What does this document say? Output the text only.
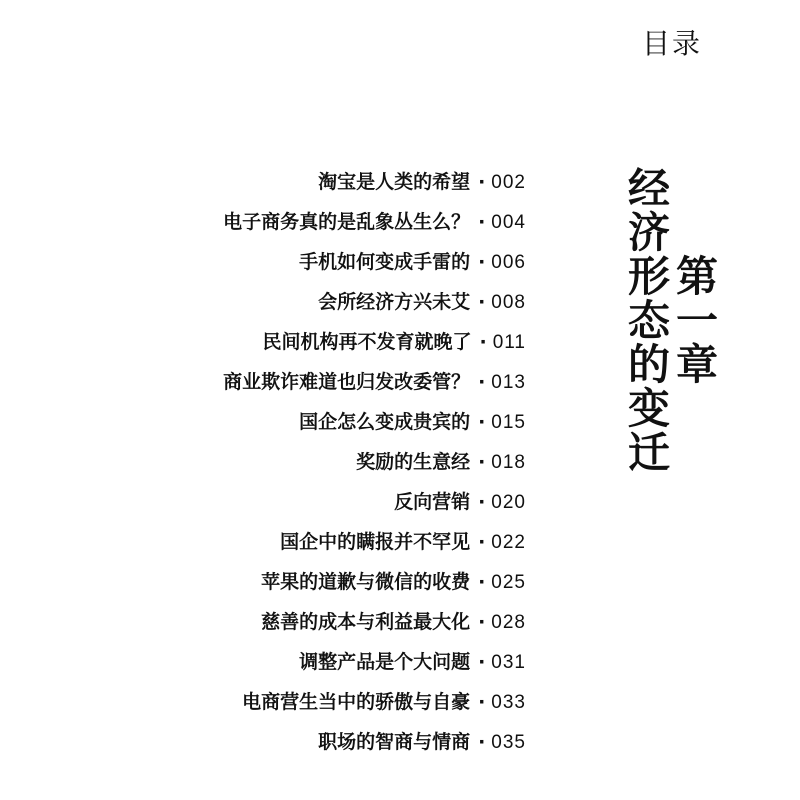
目录
淘宝是人类的希望 · 002
电子商务真的是乱象丛生么？ · 004
手机如何变成手雷的 · 006
会所经济方兴未艾 · 008
民间机构再不发育就晚了 · 011
商业欺诈难道也归发改委管？ · 013
国企怎么变成贵宾的 · 015
奖励的生意经 · 018
反向营销 · 020
国企中的瞒报并不罕见 · 022
苹果的道歉与微信的收费 · 025
慈善的成本与利益最大化 · 028
调整产品是个大问题 · 031
电商营生当中的骄傲与自豪 · 033
职场的智商与情商 · 035
第一章
经济形态的变迁
